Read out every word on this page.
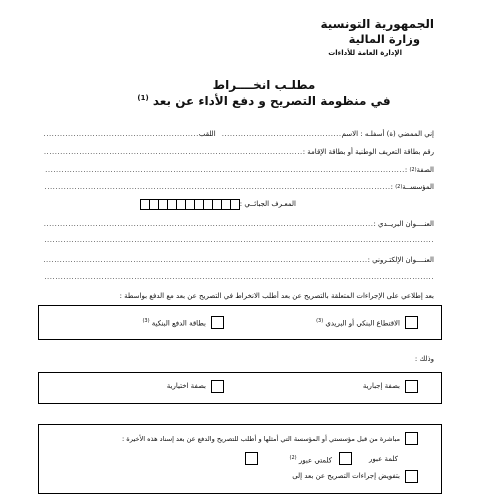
الجمهورية التونسية
وزارة المالية
الإدارة العامة للأداءات
مطلـب انخــــراط
في منظومة التصريح و دفع الأداء عن بعد $^{(1)}$
إني الممضي (ة) أسفلـه : الاسم
.....
اللقب
.....
رقم بطاقة التعريف الوطنية أو بطاقة الإقامة :
.....
الصفة
(2)
:
.....
المؤسســة
(2)
:
.....
المعـرف الجبائــي :
العنــــوان البريــدي :
.....
.....
العنــــوان الإلكتـروني :
.....
.....
بعد إطلاعي على الإجراءات المتعلقة بالتصريح عن بعد أطلب الانخراط في التصريح عن بعد مع الدفع بواسطة :
الاقتطاع البنكي أو البريدي $^{(3)}$
بطاقة الدفع البنكية $^{(3)}$
وذلك :
بصفة إجبارية
بصفة اختيارية
مباشرة من قبل مؤسستي أو المؤسسة التي أمثلها و أطلب للتصريح والدفع عن بعد إسناد هذه الأخيرة :
كلمة عبور
كلمتي عبور $^{(2)}$
بتفويض إجراءات التصريح عن بعد إلى
